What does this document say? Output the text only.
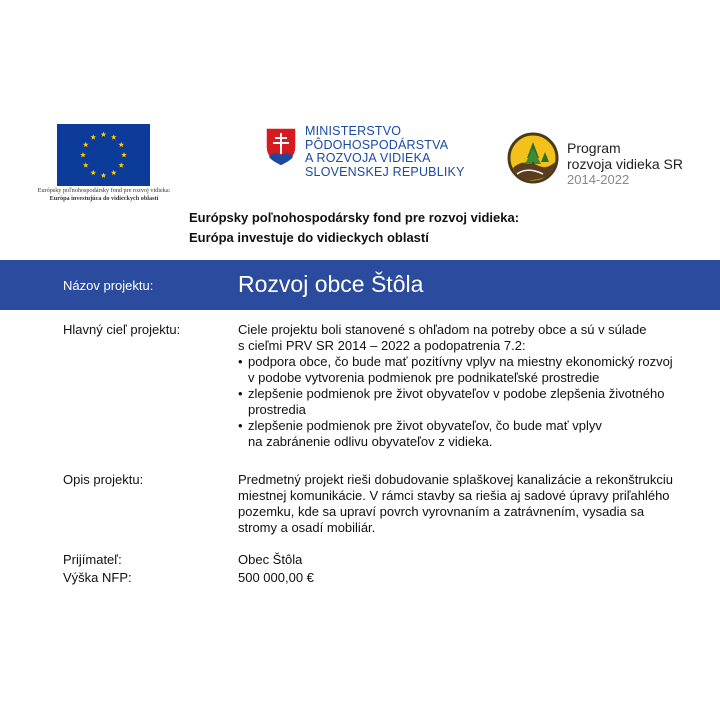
Európsky poľnohospodársky fond pre rozvoj vidieka:
Európa investujúca do vidieckych oblastí
MINISTERSTVO
PÔDOHOSPODÁRSTVA
A ROZVOJA VIDIEKA
SLOVENSKEJ REPUBLIKY
Program
rozvoja vidieka SR
2014-2022
Európsky poľnohospodársky fond pre rozvoj vidieka:
Európa investuje do vidieckych oblastí
Názov projektu:	Rozvoj obce Štôla
Hlavný cieľ projektu:	Ciele projektu boli stanovené s ohľadom na potreby obce a sú v súlade
s cieľmi PRV SR 2014 – 2022 a podopatrenia 7.2:
• podpora obce, čo bude mať pozitívny vplyv na miestny ekonomický rozvoj
v podobe vytvorenia podmienok pre podnikateľské prostredie
• zlepšenie podmienok pre život obyvateľov v podobe zlepšenia životného
prostredia
• zlepšenie podmienok pre život obyvateľov, čo bude mať vplyv
na zabránenie odlivu obyvateľov z vidieka.
Opis projektu:	Predmetný projekt rieši dobudovanie splaškovej kanalizácie a rekonštrukciu
miestnej komunikácie. V rámci stavby sa riešia aj sadové úpravy priľahlého
pozemku, kde sa upraví povrch vyrovnaním a zatrávnením, vysadia sa
stromy a osadí mobiliár.
Prijímateľ:	Obec Štôla
Výška NFP:	500 000,00 €
